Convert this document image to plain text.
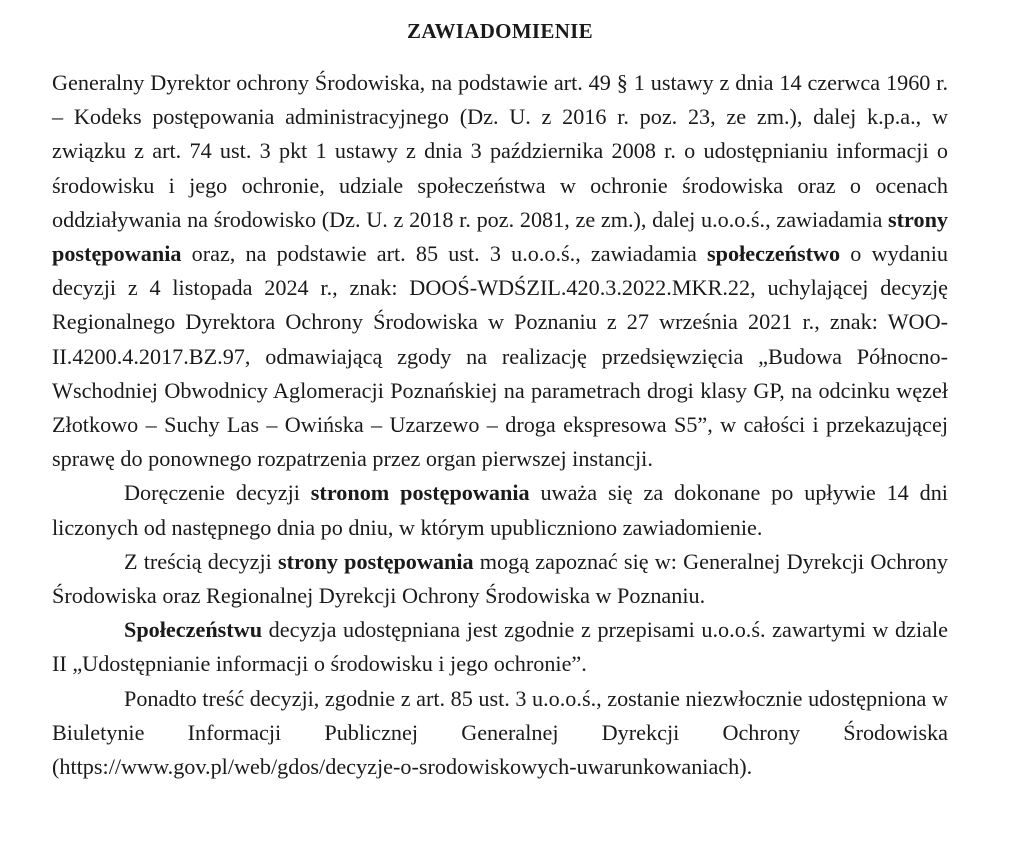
ZAWIADOMIENIE

Generalny Dyrektor ochrony Środowiska, na podstawie art. 49 § 1 ustawy z dnia 14 czerwca 1960 r. – Kodeks postępowania administracyjnego (Dz. U. z 2016 r. poz. 23, ze zm.), dalej k.p.a., w związku z art. 74 ust. 3 pkt 1 ustawy z dnia 3 października 2008 r. o udostępnianiu informacji o środowisku i jego ochronie, udziale społeczeństwa w ochronie środowiska oraz o ocenach oddziaływania na środowisko (Dz. U. z 2018 r. poz. 2081, ze zm.), dalej u.o.o.ś., zawiadamia strony postępowania oraz, na podstawie art. 85 ust. 3 u.o.o.ś., zawiadamia społeczeństwo o wydaniu decyzji z 4 listopada 2024 r., znak: DOOŚ-WDŚZIL.420.3.2022.MKR.22, uchylającej decyzję Regionalnego Dyrektora Ochrony Środowiska w Poznaniu z 27 września 2021 r., znak: WOO-II.4200.4.2017.BZ.97, odmawiającą zgody na realizację przedsięwzięcia „Budowa Północno-Wschodniej Obwodnicy Aglomeracji Poznańskiej na parametrach drogi klasy GP, na odcinku węzeł Złotkowo – Suchy Las – Owińska – Uzarzewo – droga ekspresowa S5”, w całości i przekazującej sprawę do ponownego rozpatrzenia przez organ pierwszej instancji.

Doręczenie decyzji stronom postępowania uważa się za dokonane po upływie 14 dni liczonych od następnego dnia po dniu, w którym upubliczniono zawiadomienie.

Z treścią decyzji strony postępowania mogą zapoznać się w: Generalnej Dyrekcji Ochrony Środowiska oraz Regionalnej Dyrekcji Ochrony Środowiska w Poznaniu.

Społeczeństwu decyzja udostępniana jest zgodnie z przepisami u.o.o.ś. zawartymi w dziale II „Udostępnianie informacji o środowisku i jego ochronie”.

Ponadto treść decyzji, zgodnie z art. 85 ust. 3 u.o.o.ś., zostanie niezwłocznie udostępniona w Biuletynie Informacji Publicznej Generalnej Dyrekcji Ochrony Środowiska (https://www.gov.pl/web/gdos/decyzje-o-srodowiskowych-uwarunkowaniach).
